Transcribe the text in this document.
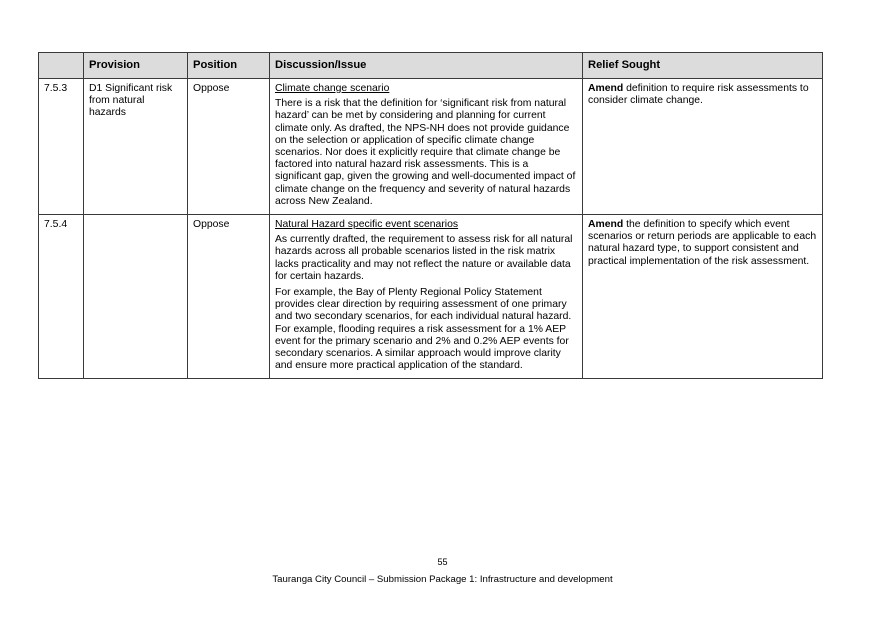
	Provision	Position	Discussion/Issue	Relief Sought
7.5.3	D1 Significant risk from natural hazards	Oppose	Climate change scenario

There is a risk that the definition for ‘significant risk from natural hazard’ can be met by considering and planning for current climate only. As drafted, the NPS-NH does not provide guidance on the selection or application of specific climate change scenarios. Nor does it explicitly require that climate change be factored into natural hazard risk assessments. This is a significant gap, given the growing and well-documented impact of climate change on the frequency and severity of natural hazards across New Zealand.	Amend definition to require risk assessments to consider climate change.
7.5.4		Oppose	Natural Hazard specific event scenarios

As currently drafted, the requirement to assess risk for all natural hazards across all probable scenarios listed in the risk matrix lacks practicality and may not reflect the nature or available data for certain hazards.

For example, the Bay of Plenty Regional Policy Statement provides clear direction by requiring assessment of one primary and two secondary scenarios, for each individual natural hazard. For example, flooding requires a risk assessment for a 1% AEP event for the primary scenario and 2% and 0.2% AEP events for secondary scenarios. A similar approach would improve clarity and ensure more practical application of the standard.	Amend the definition to specify which event scenarios or return periods are applicable to each natural hazard type, to support consistent and practical implementation of the risk assessment.
55
Tauranga City Council – Submission Package 1: Infrastructure and development
